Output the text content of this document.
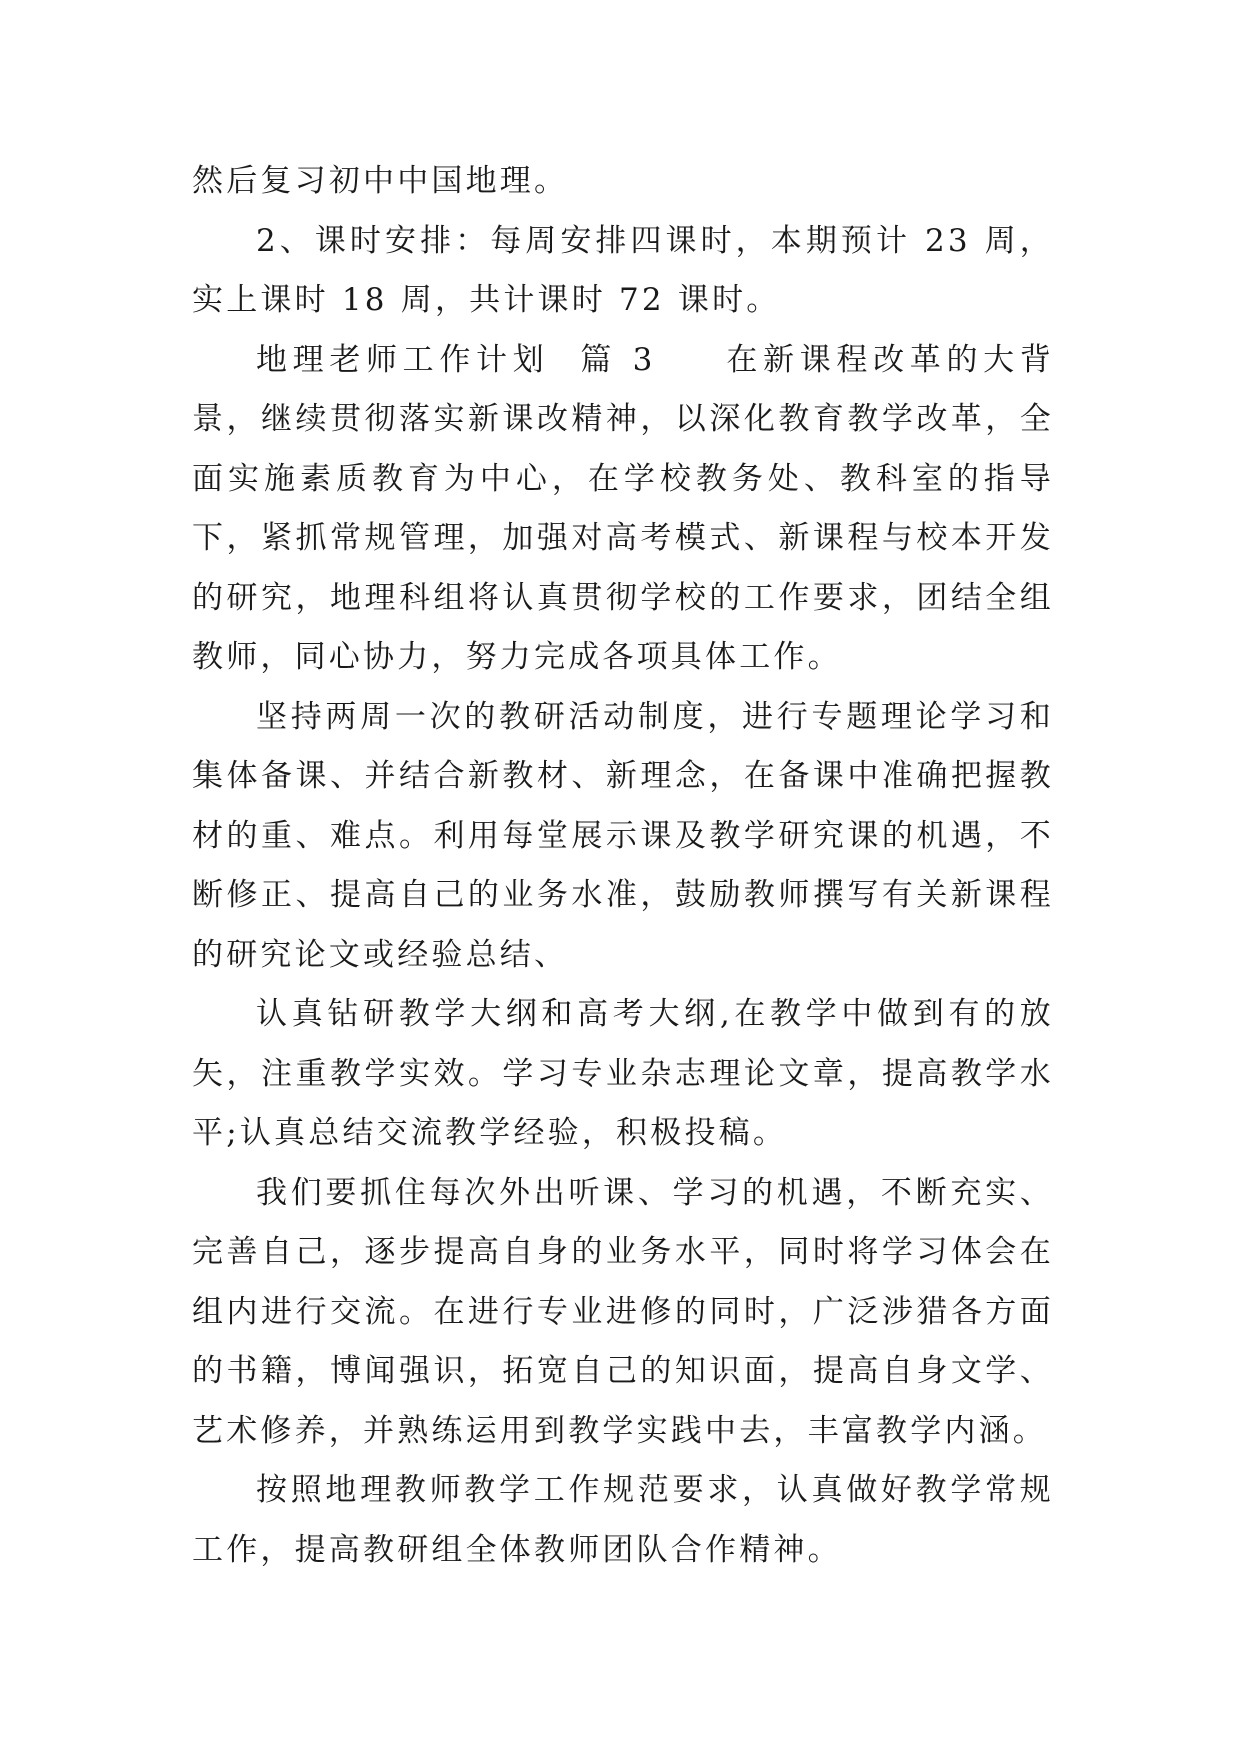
然后复习初中中国地理。

2、课时安排：每周安排四课时，本期预计 23 周，实上课时 18 周，共计课时 72 课时。

地理老师工作计划  篇 3   在新课程改革的大背景，继续贯彻落实新课改精神，以深化教育教学改革，全面实施素质教育为中心，在学校教务处、教科室的指导下，紧抓常规管理，加强对高考模式、新课程与校本开发的研究，地理科组将认真贯彻学校的工作要求，团结全组教师，同心协力，努力完成各项具体工作。

坚持两周一次的教研活动制度，进行专题理论学习和集体备课、并结合新教材、新理念，在备课中准确把握教材的重、难点。利用每堂展示课及教学研究课的机遇，不断修正、提高自己的业务水准，鼓励教师撰写有关新课程的研究论文或经验总结、

认真钻研教学大纲和高考大纲,在教学中做到有的放矢，注重教学实效。学习专业杂志理论文章，提高教学水平;认真总结交流教学经验，积极投稿。

我们要抓住每次外出听课、学习的机遇，不断充实、完善自己，逐步提高自身的业务水平，同时将学习体会在组内进行交流。在进行专业进修的同时，广泛涉猎各方面的书籍，博闻强识，拓宽自己的知识面，提高自身文学、艺术修养，并熟练运用到教学实践中去，丰富教学内涵。

按照地理教师教学工作规范要求，认真做好教学常规工作，提高教研组全体教师团队合作精神。
